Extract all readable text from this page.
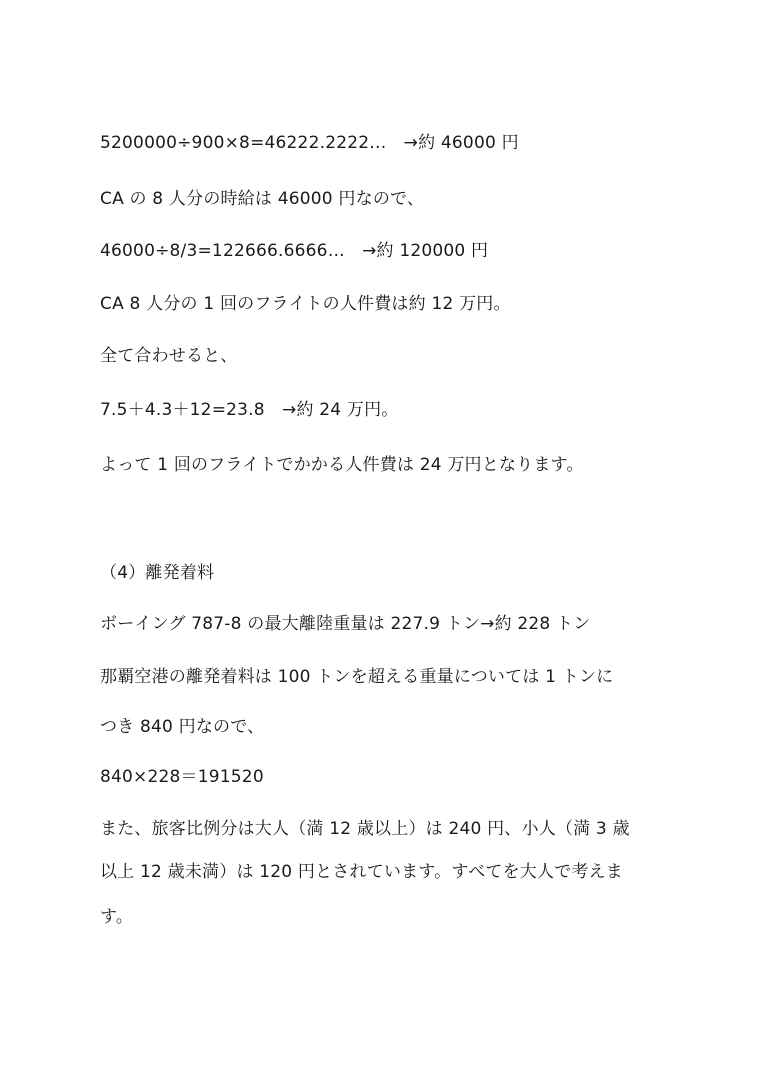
5200000÷900×8=46222.2222…　→約 46000 円
CA の 8 人分の時給は 46000 円なので、
46000÷8/3=122666.6666…　→約 120000 円
CA 8 人分の 1 回のフライトの人件費は約 12 万円。
全て合わせると、
7.5＋4.3＋12=23.8　→約 24 万円。
よって 1 回のフライトでかかる人件費は 24 万円となります。
（4）離発着料
ボーイング 787-8 の最大離陸重量は 227.9 トン→約 228 トン
那覇空港の離発着料は 100 トンを超える重量については 1 トンに
つき 840 円なので、
840×228＝191520
また、旅客比例分は大人（満 12 歳以上）は 240 円、小人（満 3 歳
以上 12 歳未満）は 120 円とされています。すべてを大人で考えま
す。
